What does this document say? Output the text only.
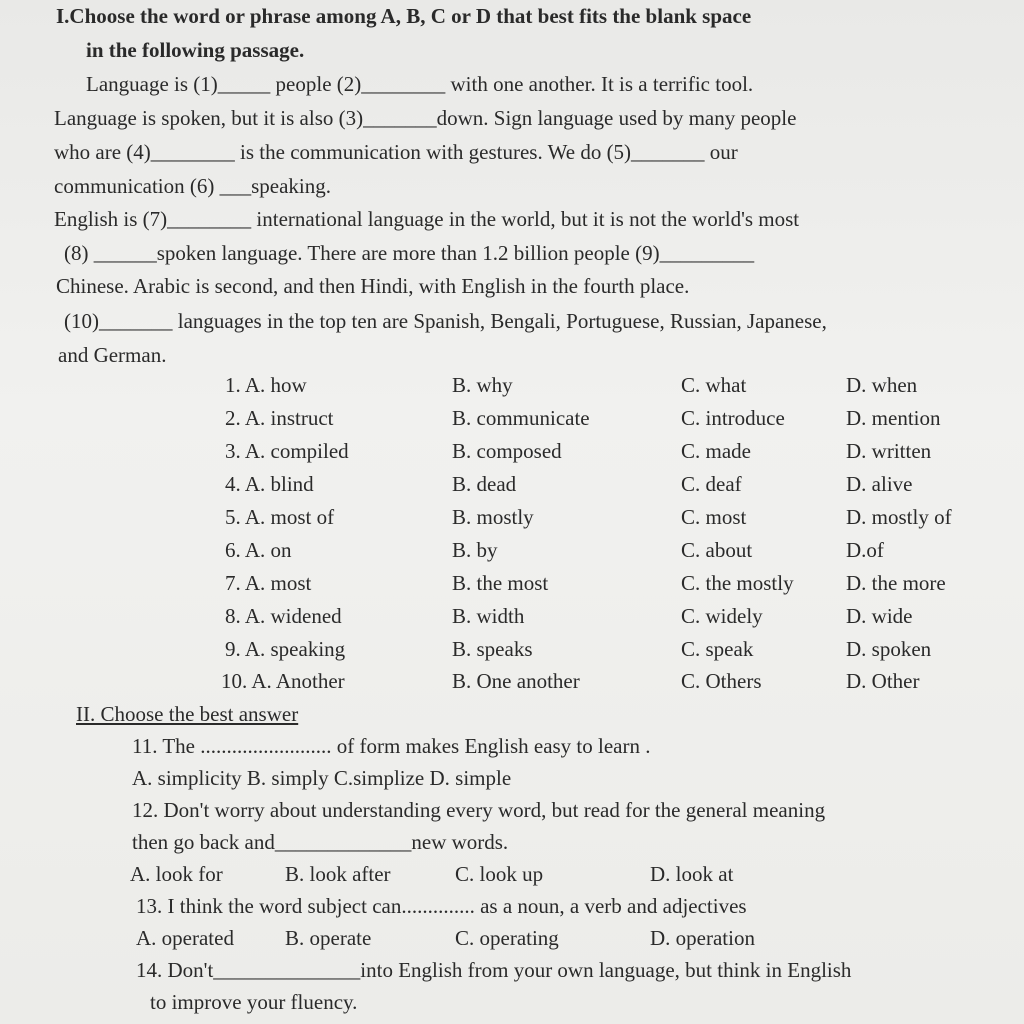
I.Choose the word or phrase among A, B, C or D that best fits the blank space
in the following passage.
Language is (1)_____ people (2)________ with one another. It is a terrific tool.
Language is spoken, but it is also (3)_______down. Sign language used by many people
who are (4)________ is the communication with gestures. We do (5)_______ our
communication (6) ___speaking.
English is (7)________ international language in the world, but it is not the world's most
(8) ______spoken language. There are more than 1.2 billion people (9)_________
Chinese. Arabic is second, and then Hindi, with English in the fourth place.
(10)_______ languages in the top ten are Spanish, Bengali, Portuguese, Russian, Japanese,
and German.
1. A. how	B. why	C. what	D. when
2. A. instruct	B. communicate	C. introduce	D. mention
3. A. compiled	B. composed	C. made	D. written
4. A. blind	B. dead	C. deaf	D. alive
5. A. most of	B. mostly	C. most	D. mostly of
6. A. on	B. by	C. about	D.of
7. A. most	B. the most	C. the mostly D. the more
8. A. widened	B. width	C. widely	D. wide
9. A. speaking	B. speaks	C. speak	D. spoken
10. A. Another	B. One another	C. Others	D. Other
II. Choose the best answer
11. The ......................... of form makes English easy to learn .
A. simplicity B. simply C.simplize D. simple
12. Don't worry about understanding every word, but read for the general meaning
then go back and_____________new words.
A. look for	B. look after	C. look up	D. look at
13. I think the word subject can.............. as a noun, a verb and adjectives
A. operated B. operate	C. operating	D. operation
14. Don't______________into English from your own language, but think in English
to improve your fluency.
